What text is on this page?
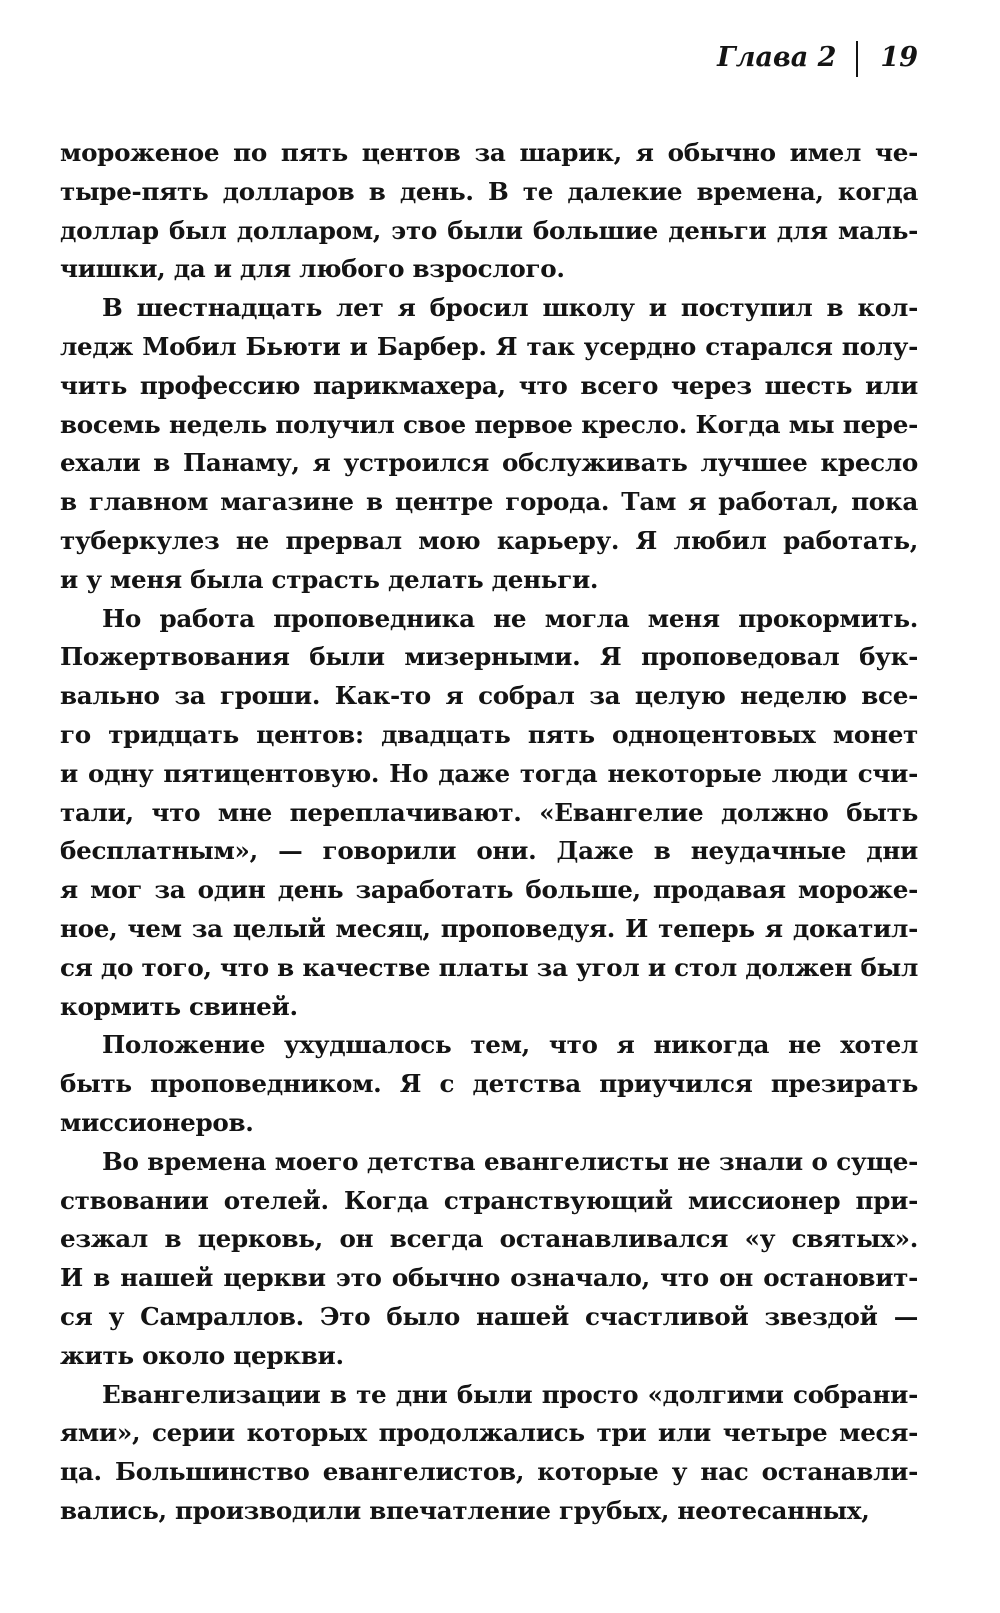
Глава 2 19
мороженое по пять центов за шарик, я обычно имел че-
тыре-пять долларов в день. В те далекие времена, когда
доллар был долларом, это были большие деньги для маль-
чишки, да и для любого взрослого.
В шестнадцать лет я бросил школу и поступил в кол-
ледж Мобил Бьюти и Барбер. Я так усердно старался полу-
чить профессию парикмахера, что всего через шесть или
восемь недель получил свое первое кресло. Когда мы пере-
ехали в Панаму, я устроился обслуживать лучшее кресло
в главном магазине в центре города. Там я работал, пока
туберкулез не прервал мою карьеру. Я любил работать,
и у меня была страсть делать деньги.
Но работа проповедника не могла меня прокормить.
Пожертвования были мизерными. Я проповедовал бук-
вально за гроши. Как-то я собрал за целую неделю все-
го тридцать центов: двадцать пять одноцентовых монет
и одну пятицентовую. Но даже тогда некоторые люди счи-
тали, что мне переплачивают. «Евангелие должно быть
бесплатным», — говорили они. Даже в неудачные дни
я мог за один день заработать больше, продавая мороже-
ное, чем за целый месяц, проповедуя. И теперь я докатил-
ся до того, что в качестве платы за угол и стол должен был
кормить свиней.
Положение ухудшалось тем, что я никогда не хотел
быть проповедником. Я с детства приучился презирать
миссионеров.
Во времена моего детства евангелисты не знали о суще-
ствовании отелей. Когда странствующий миссионер при-
езжал в церковь, он всегда останавливался «у святых».
И в нашей церкви это обычно означало, что он остановит-
ся у Самраллов. Это было нашей счастливой звездой —
жить около церкви.
Евангелизации в те дни были просто «долгими собрани-
ями», серии которых продолжались три или четыре меся-
ца. Большинство евангелистов, которые у нас останавли-
вались, производили впечатление грубых, неотесанных,
